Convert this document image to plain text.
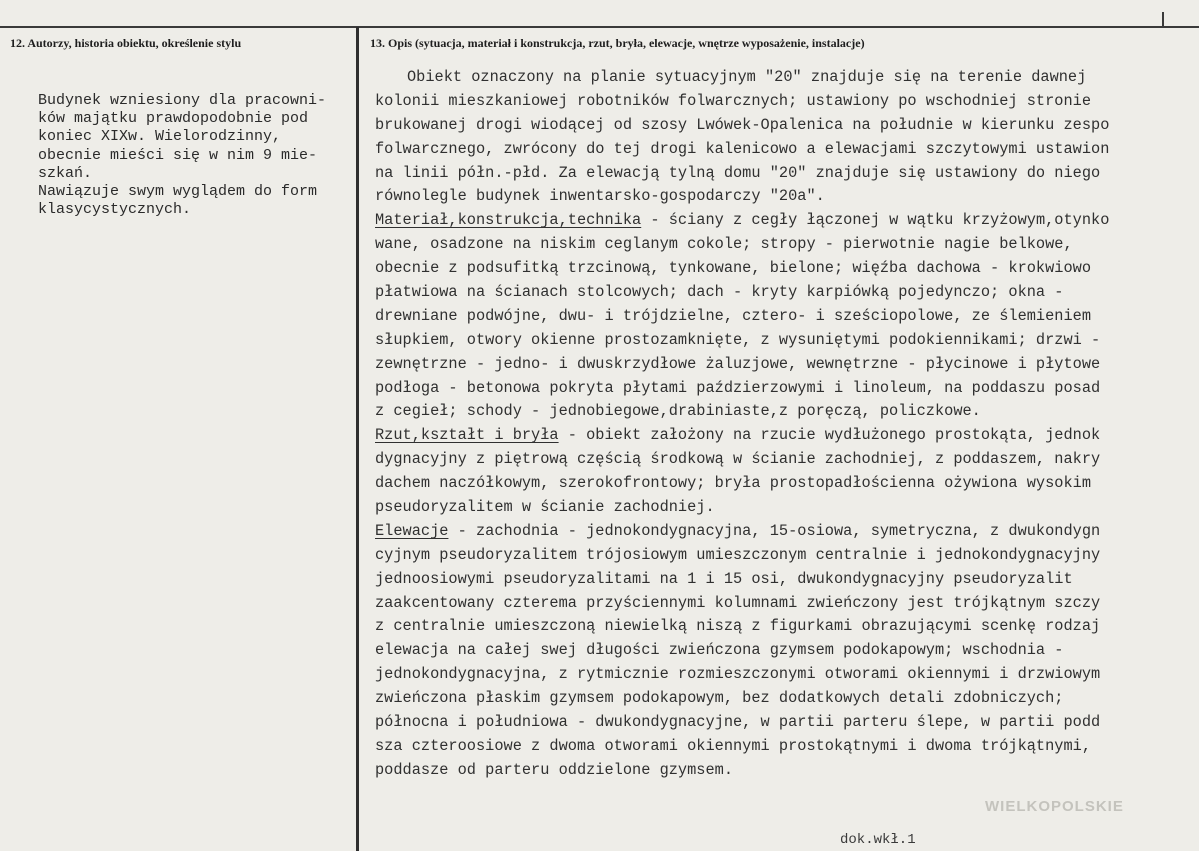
12. Autorzy, historia obiektu, określenie stylu	13. Opis (sytuacja, materiał i konstrukcja, rzut, bryła, elewacje, wnętrze wyposażenie, instalacje)
Budynek wzniesiony dla pracowni-
ków majątku prawdopodobnie pod
koniec XIXw. Wielorodzinny,
obecnie mieści się w nim 9 mie-
szkań.
Nawiązuje swym wyglądem do form
klasycystycznych.
Obiekt oznaczony na planie sytuacyjnym "20" znajduje się na terenie dawnej
kolonii mieszkaniowej robotników folwarcznych; ustawiony po wschodniej stronie
brukowanej drogi wiodącej od szosy Lwówek-Opalenica na południe w kierunku zespo
folwarcznego, zwrócony do tej drogi kalenicowo a elewacjami szczytowymi ustawion
na linii półn.-płd. Za elewacją tylną domu "20" znajduje się ustawiony do niego
równolegle budynek inwentarsko-gospodarczy "20a".
Materiał,konstrukcja,technika - ściany z cegły łączonej w wątku krzyżowym,otynko
wane, osadzone na niskim ceglanym cokole; stropy - pierwotnie nagie belkowe,
obecnie z podsufitką trzcinową, tynkowane, bielone; więźba dachowa - krokwiowo
płatwiowa na ścianach stolcowych; dach - kryty karpiówką pojedynczo; okna -
drewniane podwójne, dwu- i trójdzielne, cztero- i sześciopolowe, ze ślemieniem
słupkiem, otwory okienne prostozamknięte, z wysuniętymi podokiennikami; drzwi -
zewnętrzne - jedno- i dwuskrzydłowe żaluzjowe, wewnętrzne - płycinowe i płytowe
podłoga - betonowa pokryta płytami paździerzowymi i linoleum, na poddaszu posad
z cegieł; schody - jednobiegowe,drabiniaste,z poręczą, policzkowe.
Rzut,kształt i bryła - obiekt założony na rzucie wydłużonego prostokąta, jednok
dygnacyjny z piętrową częścią środkową w ścianie zachodniej, z poddaszem, nakry
dachem naczółkowym, szerokofrontowy; bryła prostopadłościenna ożywiona wysokim
pseudoryzalitem w ścianie zachodniej.
Elewacje - zachodnia - jednokondygnacyjna, 15-osiowa, symetryczna, z dwukondygn
cyjnym pseudoryzalitem trójosiowym umieszczonym centralnie i jednokondygnacyjny
jednoosiowymi pseudoryzalitami na 1 i 15 osi, dwukondygnacyjny pseudoryzalit
zaakcentowany czterema przyściennymi kolumnami zwieńczony jest trójkątnym szczy
z centralnie umieszczoną niewielką niszą z figurkami obrazującymi scenkę rodzaj
elewacja na całej swej długości zwieńczona gzymsem podokapowym; wschodnia -
jednokondygnacyjna, z rytmicznie rozmieszczonymi otworami okiennymi i drzwiowym
zwieńczona płaskim gzymsem podokapowym, bez dodatkowych detali zdobniczych;
północna i południowa - dwukondygnacyjne, w partii parteru ślepe, w partii podd
sza czteroosiowe z dwoma otworami okiennymi prostokątnymi i dwoma trójkątnymi,
poddasze od parteru oddzielone gzymsem.
WIELKOPOLSKIE
dok.wkł.1
